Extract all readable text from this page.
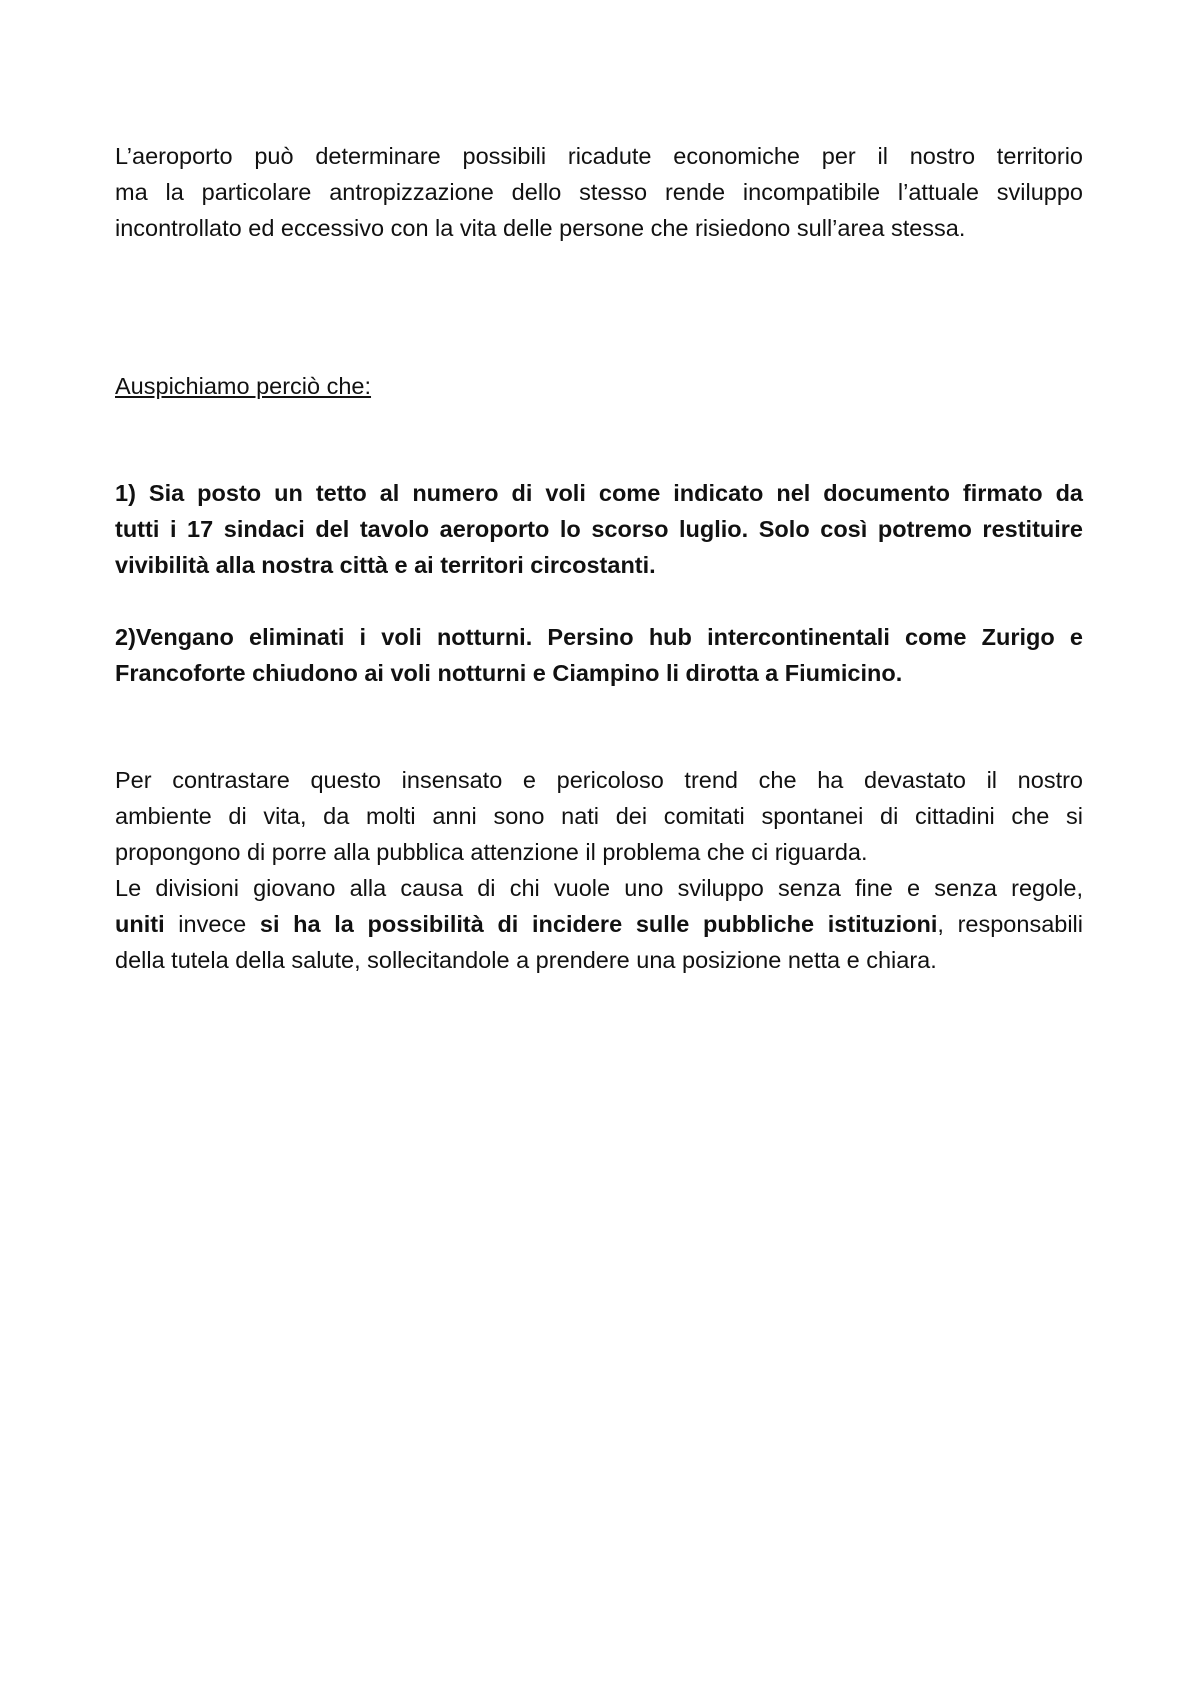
L’aeroporto può determinare possibili ricadute economiche per il nostro territorio
ma la particolare antropizzazione dello stesso rende incompatibile l’attuale sviluppo
incontrollato ed eccessivo con la vita delle persone che risiedono sull’area stessa.

Auspichiamo perciò che:

1) Sia posto un tetto al numero di voli come indicato nel documento firmato da
tutti i 17 sindaci del tavolo aeroporto lo scorso luglio. Solo così potremo restituire
vivibilità alla nostra città e ai territori circostanti.

2)Vengano eliminati i voli notturni. Persino hub intercontinentali come Zurigo e
Francoforte chiudono ai voli notturni e Ciampino li dirotta a Fiumicino.

Per contrastare questo insensato e pericoloso trend che ha devastato il nostro
ambiente di vita, da molti anni sono nati dei comitati spontanei di cittadini che si
propongono di porre alla pubblica attenzione il problema che ci riguarda.
Le divisioni giovano alla causa di chi vuole uno sviluppo senza fine e senza regole,
uniti invece si ha la possibilità di incidere sulle pubbliche istituzioni, responsabili
della tutela della salute, sollecitandole a prendere una posizione netta e chiara.
